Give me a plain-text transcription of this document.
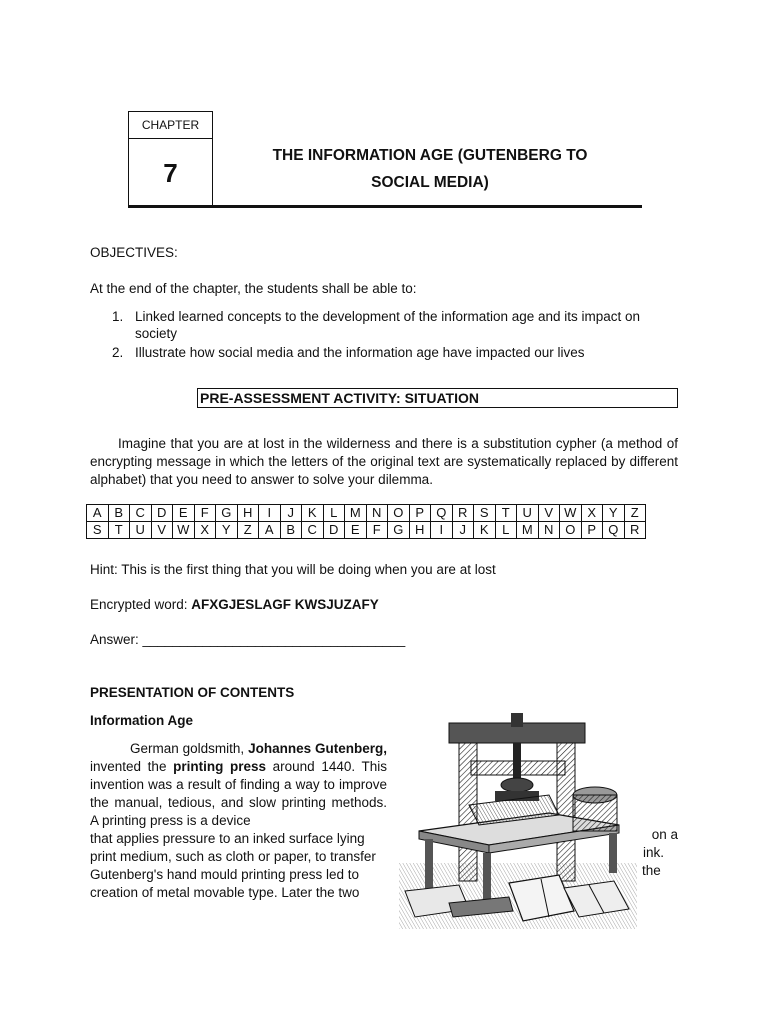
CHAPTER
7
THE INFORMATION AGE (GUTENBERG TO
SOCIAL MEDIA)
OBJECTIVES:
At the end of the chapter, the students shall be able to:
1. Linked learned concepts to the development of the information age and its impact on society
2. Illustrate how social media and the information age have impacted our lives
PRE-ASSESSMENT ACTIVITY: SITUATION
Imagine that you are at lost in the wilderness and there is a substitution cypher (a method of encrypting message in which the letters of the original text are systematically replaced by different alphabet) that you need to answer to solve your dilemma.
A	B	C	D	E	F	G	H	I	J	K	L	M	N	O	P	Q	R	S	T	U	V	W	X	Y	Z
S	T	U	V	W	X	Y	Z	A	B	C	D	E	F	G	H	I	J	K	L	M	N	O	P	Q	R
Hint: This is the first thing that you will be doing when you are at lost
Encrypted word: AFXGJESLAGF KWSJUZAFY
Answer: ___________________________________
PRESENTATION OF CONTENTS
Information Age

German goldsmith, Johannes Gutenberg, invented the printing press around 1440. This invention was a result of finding a way to improve the manual, tedious, and slow printing methods. A printing press is a device

that applies pressure to an inked surface lying

print medium, such as cloth or paper, to transfer

Gutenberg's hand mould printing press led to

creation of metal movable type. Later the two

on a
ink.
the
